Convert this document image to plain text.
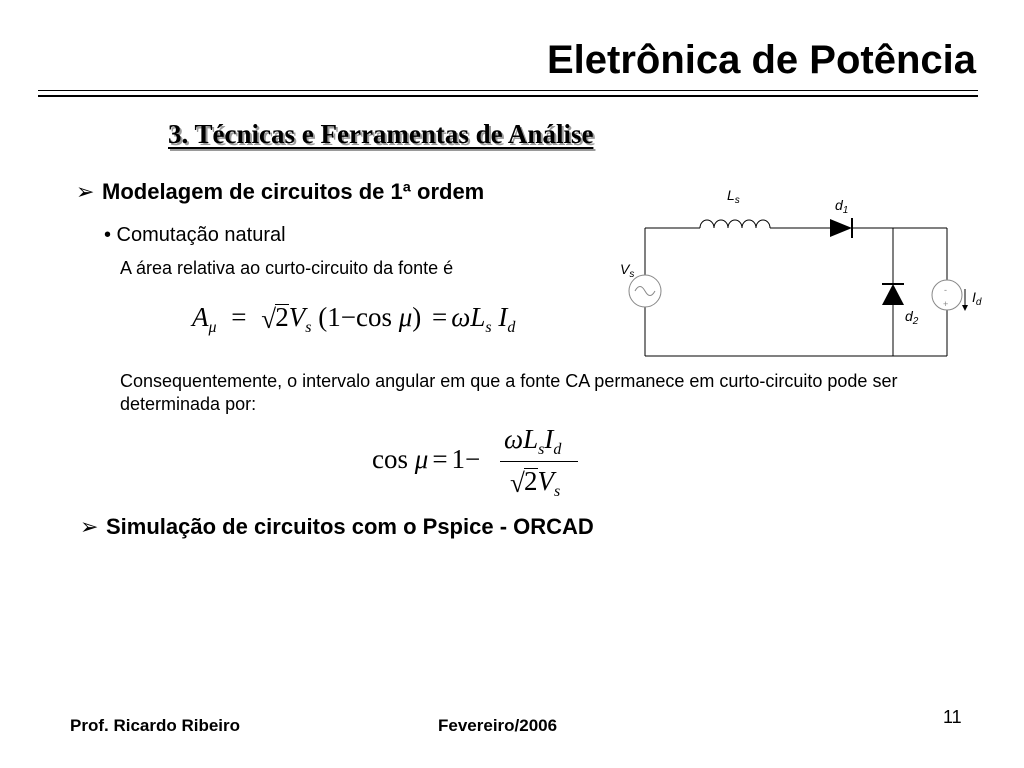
Eletrônica de Potência
3. Técnicas e Ferramentas de Análise
➢ Modelagem de circuitos de 1ª ordem
• Comutação natural
A área relativa ao curto-circuito da fonte é
$A_\mu$ = √ $2V_s$ (1−cos $\mu) = \omega L_s$ $I_d$
Consequentemente, o intervalo angular em que a fonte CA permanece em curto-circuito pode ser determinada por:
cos μ = 1−
$\omega L_sI_d$
√ $2V_s$
-
+
$L_s$	$d_1$
$d_2$
$V_s$
$I_d$
➢ Simulação de circuitos com o Pspice - ORCAD
Prof. Ricardo Ribeiro	Fevereiro/2006	11
